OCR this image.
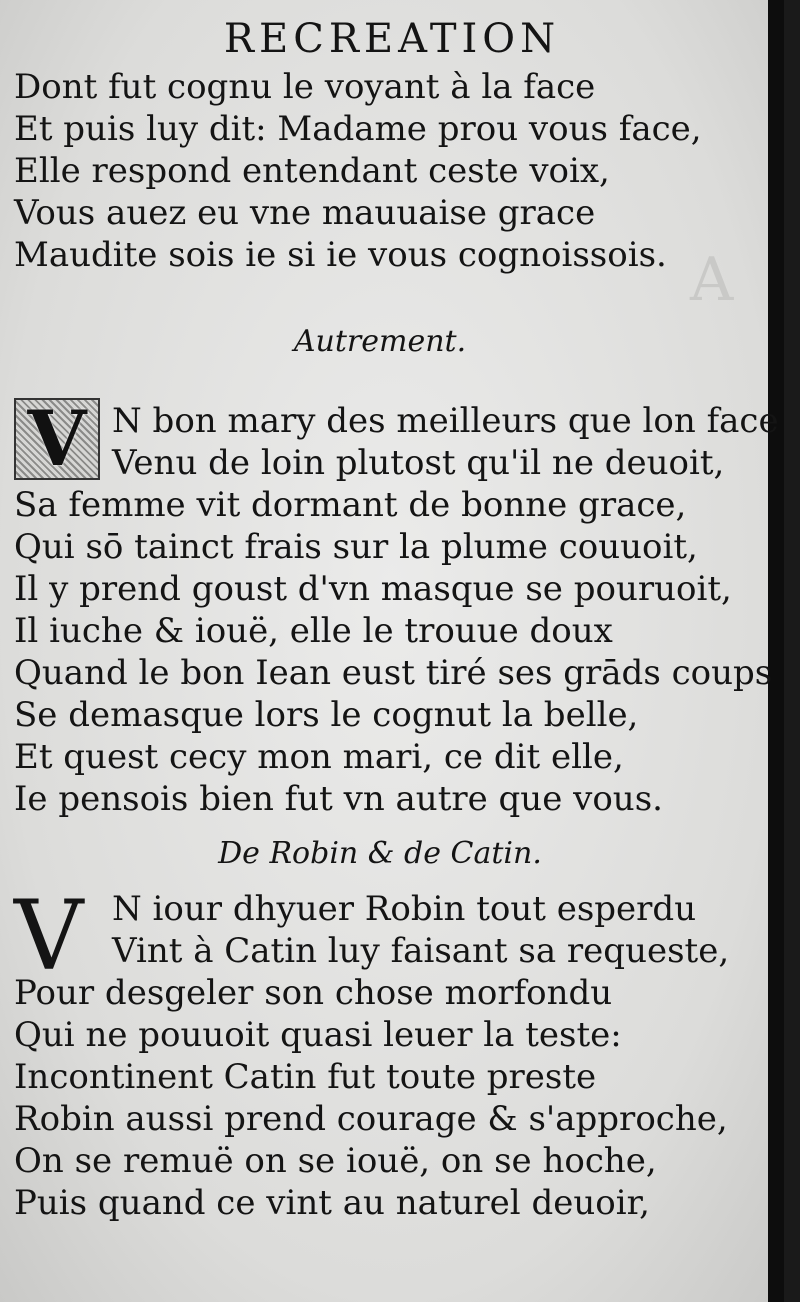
A
RECREATION
Dont fut cognu le voyant à la face
Et puis luy dit: Madame prou vous face,
Elle respond entendant ceste voix,
Vous auez eu vne mauuaise grace
Maudite sois ie si ie vous cognoissois.
Autrement.
V N bon mary des meilleurs que lon face
Venu de loin plutost qu'il ne deuoit,
Sa femme vit dormant de bonne grace,
Qui sō tainct frais sur la plume couuoit,
Il y prend goust d'vn masque se pouruoit,
Il iuche & iouë, elle le trouue doux
Quand le bon Iean eust tiré ses grāds coups
Se demasque lors le cognut la belle,
Et quest cecy mon mari, ce dit elle,
Ie pensois bien fut vn autre que vous.
De Robin & de Catin.
V N iour dhyuer Robin tout esperdu
Vint à Catin luy faisant sa requeste,
Pour desgeler son chose morfondu
Qui ne pouuoit quasi leuer la teste:
Incontinent Catin fut toute preste
Robin aussi prend courage & s'approche,
On se remuë on se iouë, on se hoche,
Puis quand ce vint au naturel deuoir,
